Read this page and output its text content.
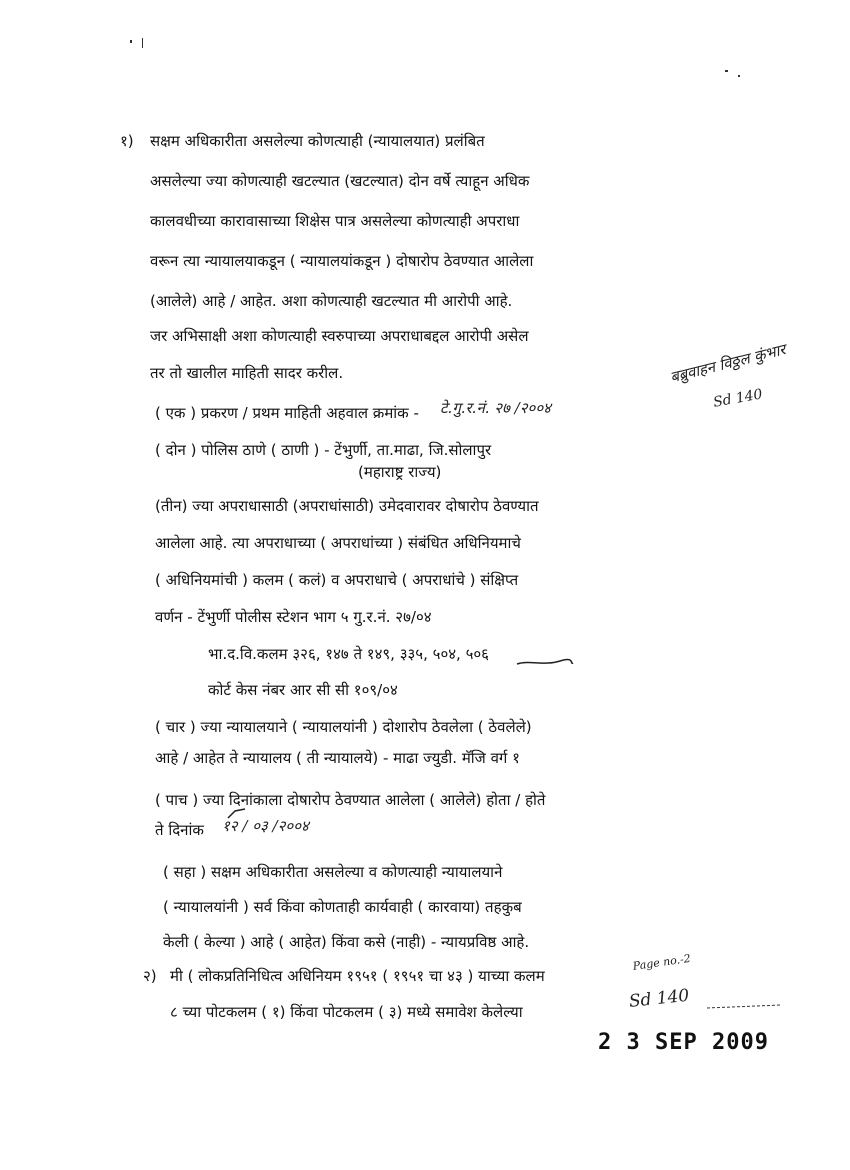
१) सक्षम अधिकारीता असलेल्या कोणत्याही (न्यायालयात) प्रलंबित
असलेल्या ज्या कोणत्याही खटल्यात (खटल्यात) दोन वर्षे त्याहून अधिक
कालवधीच्या कारावासाच्या शिक्षेस पात्र असलेल्या कोणत्याही अपराधा
वरून त्या न्यायालयाकडून ( न्यायालयांकडून ) दोषारोप ठेवण्यात आलेला
(आलेले) आहे / आहेत. अशा कोणत्याही खटल्यात मी आरोपी आहे.
जर अभिसाक्षी अशा कोणत्याही स्वरुपाच्या अपराधाबद्दल आरोपी असेल
तर तो खालील माहिती सादर करील.	बब्रुवाहन विठ्ठल कुंभार
Sd 140
( एक ) प्रकरण / प्रथम माहिती अहवाल क्रमांक - टे.गु.र.नं. २७ /२००४
( दोन ) पोलिस ठाणे ( ठाणी ) - टेंभुर्णी, ता.माढा, जि.सोलापुर
(महाराष्ट्र राज्य)
(तीन) ज्या अपराधासाठी (अपराधांसाठी) उमेदवारावर दोषारोप ठेवण्यात
आलेला आहे. त्या अपराधाच्या ( अपराधांच्या ) संबंधित अधिनियमाचे
( अधिनियमांची ) कलम ( कलं) व अपराधाचे ( अपराधांचे ) संक्षिप्त
वर्णन - टेंभुर्णी पोलीस स्टेशन भाग ५ गु.र.नं. २७/०४
भा.द.वि.कलम ३२६, १४७ ते १४९, ३३५, ५०४, ५०६
कोर्ट केस नंबर आर सी सी १०९/०४
( चार ) ज्या न्यायालयाने ( न्यायालयांनी ) दोशारोप ठेवलेला ( ठेवलेले)
आहे / आहेत ते न्यायालय ( ती न्यायालये) - माढा ज्युडी. मॅजि वर्ग १
( पाच ) ज्या दिनांकाला दोषारोप ठेवण्यात आलेला ( आलेले) होता / होते
ते दिनांक १२ / ०३ /२००४
( सहा ) सक्षम अधिकारीता असलेल्या व कोणत्याही न्यायालयाने
( न्यायालयांनी ) सर्व किंवा कोणताही कार्यवाही ( कारवाया) तहकुब
केली ( केल्या ) आहे ( आहेत) किंवा कसे (नाही) - न्यायप्रविष्ठ आहे.
२) मी ( लोकप्रतिनिधित्व अधिनियम १९५१ ( १९५१ चा ४३ ) याच्या कलम
८ च्या पोटकलम ( १) किंवा पोटकलम ( ३) मध्ये समावेश केलेल्या
Page no.-2
Sd 140
2 3 SEP 2009
